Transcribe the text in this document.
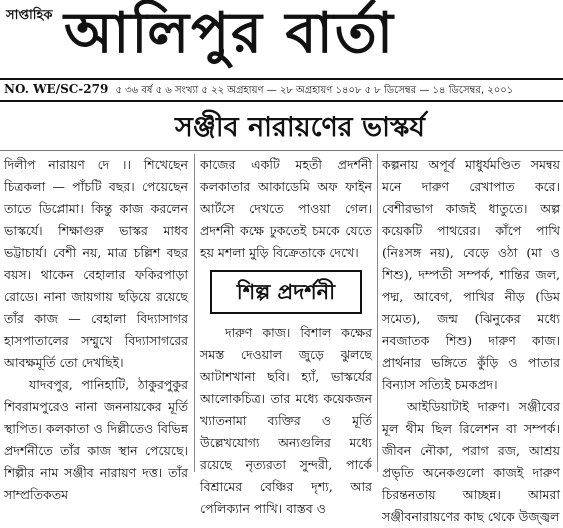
সাপ্তাহিক আলিপুর বার্তা
NO. WE/SC-279 ৫ ৩৬ বর্ষ ৫ ৬ সংখ্যা ৫ ২২ অগ্রহায়ণ — ২৮ অগ্রহায়ণ ১৪০৮ ৫ ৮ ডিসেম্বর — ১৪ ডিসেম্বর, ২০০১
সঞ্জীব নারায়ণের ভাস্কর্য

দিলীপ নারায়ণ দে ।। শিখেছেন চিত্রকলা — পাঁচটি বছর। পেয়েছেন তাতে ডিপ্লোমা। কিন্তু কাজ করলেন ভাস্কর্যে। শিক্ষাগুরু ভাস্কর মাধব ভট্টাচার্য। বেশী নয়, মাত্র চল্লিশ বছর বয়স। থাকেন বেহালার ফকিরপাড়া রোডে। নানা জায়গায় ছড়িয়ে রয়েছে তাঁর কাজ — বেহালা বিদ্যাসাগর হাসপাতালের সম্মুখে বিদ্যাসাগরের আবক্ষমূর্তি তো দেখছিই।

যাদবপুর, পানিহাটি, ঠাকুরপুকুর শিবরামপুরেও নানা জননায়কের মূর্তি স্থাপিত। কলকাতা ও দিল্লীতেও বিভিন্ন প্রদর্শনীতে তাঁর কাজ স্থান পেয়েছে। শিল্পীর নাম সঞ্জীব নারায়ণ দত্ত। তাঁর সাম্প্রতিকতম

কাজের একটি মহতী প্রদর্শনী কলকাতার আকাডেমি অফ ফাইন আর্টসে দেখতে পাওয়া গেল। প্রদর্শনী কক্ষে ঢুকতেই চমকে যেতে হয় মশলা মুড়ি বিক্রেতাকে দেখে।

শিল্প প্রদর্শনী

দারুণ কাজ। বিশাল কক্ষের সমস্ত দেওয়াল জুড়ে ঝুলছে আটাশখানা ছবি। হ্যাঁ, ভাস্কর্যের আলোকচিত্র। তার মধ্যে কয়েকজন খ্যাতনামা ব্যক্তির ও মূর্তি উল্লেখযোগ্য অন্যগুলির মধ্যে রয়েছে নৃত্যরতা সুন্দরী, পার্কে বিশ্রামের বেঞ্চির দৃশ্য, আর পেলিক্যান পাখি। বাস্তব ও

কল্পনায় অপূর্ব মাধুর্যমণ্ডিত সমন্বয় মনে দারুণ রেখাপাত করে। বেশীরভাগ কাজই ধাতুতে। অল্প কয়েকটি পাথরের। কাঁপে পাখি (নিঃসঙ্গ নয়), বেড়ে ওঠা (মা ও শিশু), দম্পতী সম্পর্ক, শান্তির জল, পদ্ম, আবেগ, পাখির নীড় (ডিম সমেত), জন্ম (ঝিনুকের মধ্যে নবজাতক শিশু) দারুণ কাজ। প্রার্থনার ভঙ্গিতে কুঁড়ি ও পাতার বিন্যাস সত্যিই চমকপ্রদ।

আইডিয়াটাই দারুণ। সঞ্জীবের মূল থীম ছিল রিলেশন বা সম্পর্ক। জীবন নৌকা, পরাগ রজ, আশ্রয় প্রভৃতি অনেকগুলো কাজই দারুণ চিরন্তনতায় আচ্ছন্ন। আমরা সঞ্জীবনারায়ণের কাছ থেকে উজ্জ্বল
